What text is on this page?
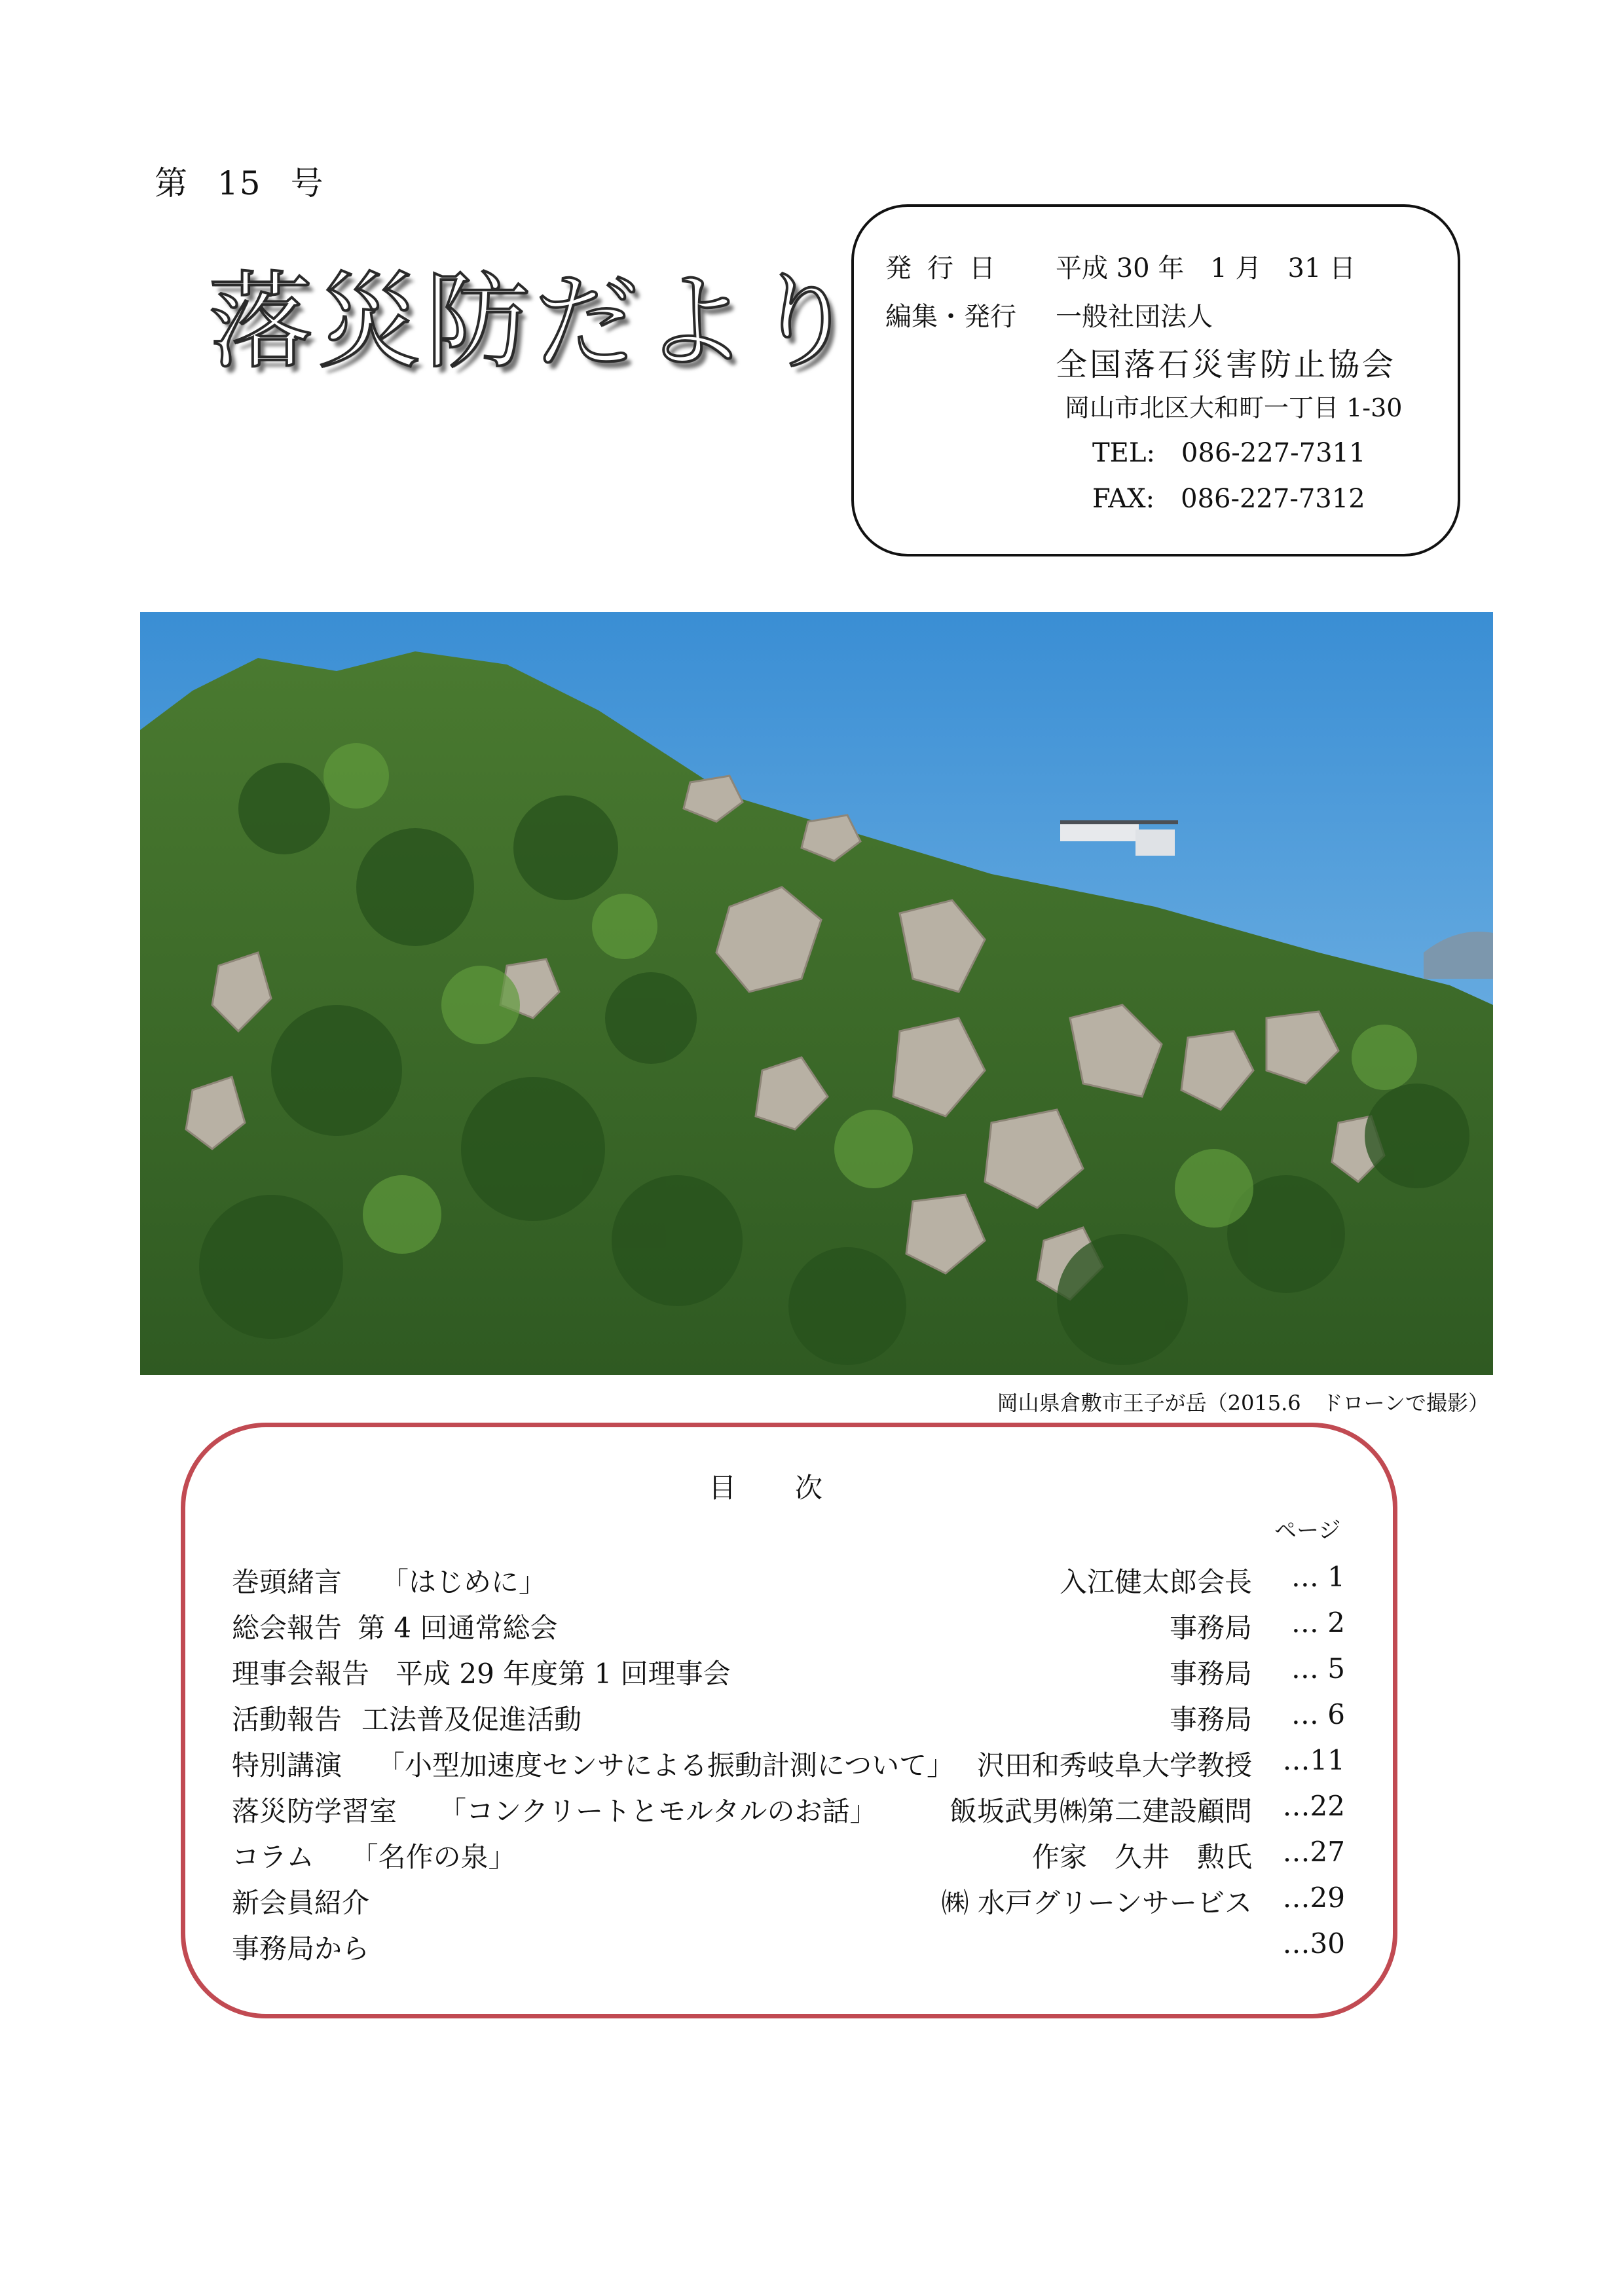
第 15 号
落災防だより 発行日 平成 30 年　1 月　31 日
編集・発行 一般社団法人
全国落石災害防止協会
岡山市北区大和町一丁目 1-30
TEL:　086-227-7311
FAX:　086-227-7312
岡山県倉敷市王子が岳（2015.6　ドローンで撮影）
目次
ページ
巻頭緒言 「はじめに」	入江健太郎会長 … 1
総会報告 第 4 回通常総会	事務局 … 2
理事会報告 平成 29 年度第 1 回理事会	事務局 … 5
活動報告 工法普及促進活動	事務局 … 6
特別講演 「小型加速度センサによる振動計測について」 沢田和秀岐阜大学教授 …11
落災防学習室 「コンクリートとモルタルのお話」	飯坂武男㈱第二建設顧問 …22
コラム 「名作の泉」	作家　久井　勲氏 …27
新会員紹介	㈱ 水戸グリーンサービス …29
事務局から	…30
